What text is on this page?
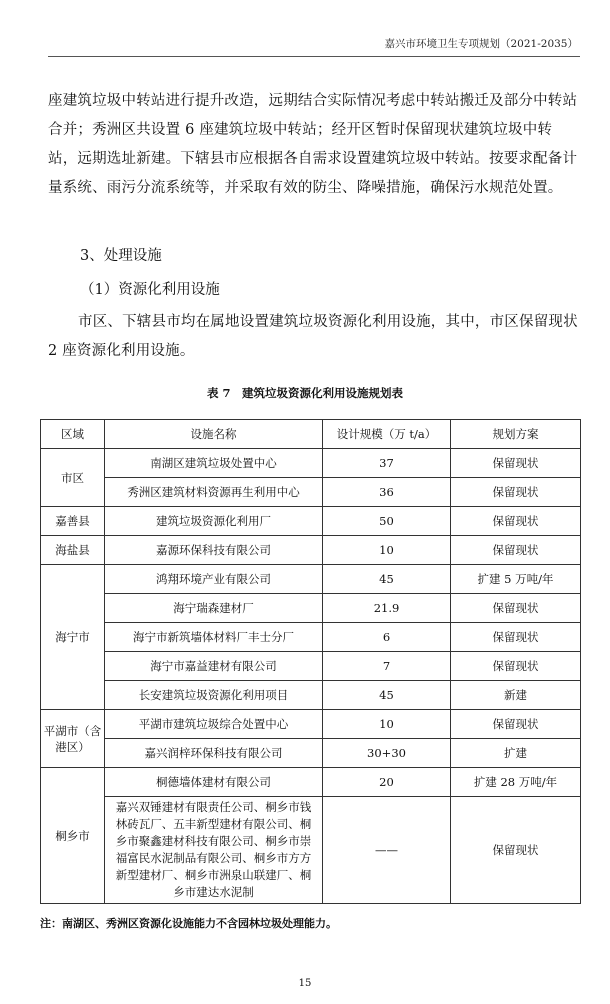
嘉兴市环境卫生专项规划（2021-2035）
座建筑垃圾中转站进行提升改造，远期结合实际情况考虑中转站搬迁及部分中转站合并；秀洲区共设置 6 座建筑垃圾中转站；经开区暂时保留现状建筑垃圾中转站，远期选址新建。下辖县市应根据各自需求设置建筑垃圾中转站。按要求配备计量系统、雨污分流系统等，并采取有效的防尘、降噪措施，确保污水规范处置。
3、处理设施
（1）资源化利用设施
市区、下辖县市均在属地设置建筑垃圾资源化利用设施，其中，市区保留现状 2 座资源化利用设施。
表 7　建筑垃圾资源化利用设施规划表
区域	设施名称	设计规模（万 t/a）	规划方案
市区	南湖区建筑垃圾处置中心	37	保留现状
	秀洲区建筑材料资源再生利用中心	36	保留现状
嘉善县	建筑垃圾资源化利用厂	50	保留现状
海盐县	嘉源环保科技有限公司	10	保留现状
海宁市	鸿翔环境产业有限公司	45	扩建 5 万吨/年
	海宁瑞森建材厂	21.9	保留现状
	海宁市新筑墙体材料厂丰士分厂	6	保留现状
	海宁市嘉益建材有限公司	7	保留现状
	长安建筑垃圾资源化利用项目	45	新建
平湖市（含港区）	平湖市建筑垃圾综合处置中心	10	保留现状
	嘉兴润梓环保科技有限公司	30+30	扩建
桐乡市	桐德墙体建材有限公司	20	扩建 28 万吨/年
	嘉兴双锤建材有限责任公司、桐乡市钱林砖瓦厂、五丰新型建材有限公司、桐乡市聚鑫建材科技有限公司、桐乡市崇福富民水泥制品有限公司、桐乡市方方新型建材厂、桐乡市洲泉山联建厂、桐乡市建达水泥制	——	保留现状
注：南湖区、秀洲区资源化设施能力不含园林垃圾处理能力。
15
